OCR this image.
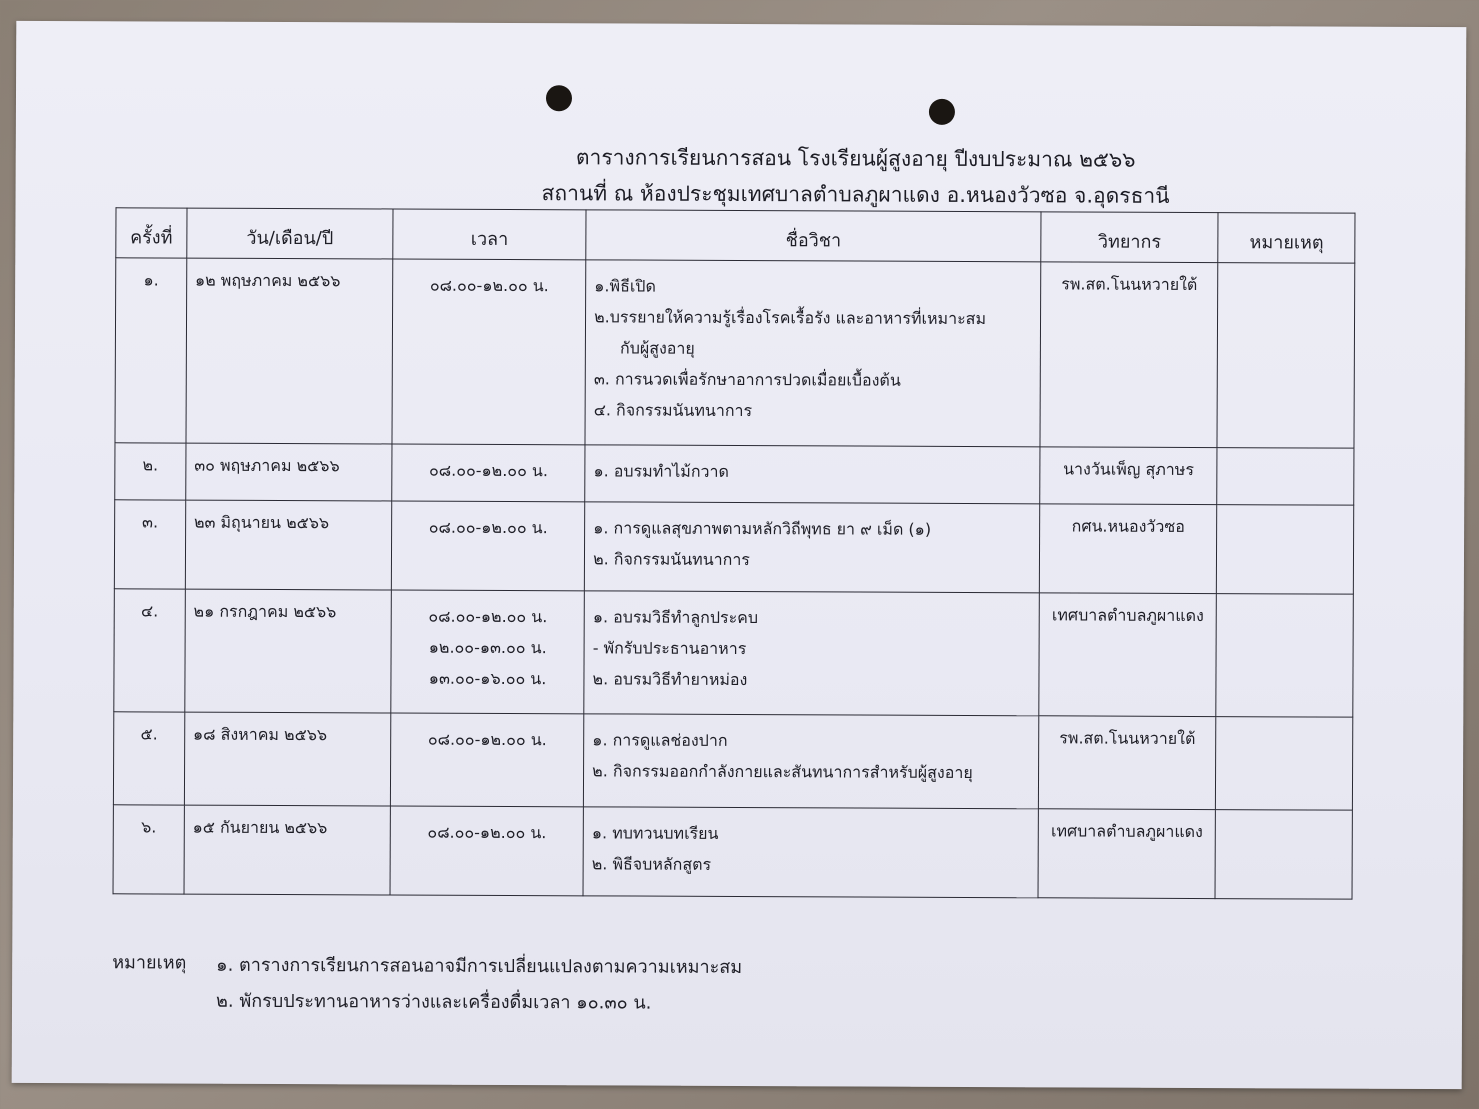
ตารางการเรียนการสอน โรงเรียนผู้สูงอายุ ปีงบประมาณ ๒๕๖๖
สถานที่ ณ ห้องประชุมเทศบาลตำบลภูผาแดง อ.หนองวัวซอ จ.อุดรธานี
ครั้งที่	วัน/เดือน/ปี	เวลา	ชื่อวิชา	วิทยากร	หมายเหตุ
๑.	๑๒ พฤษภาคม ๒๕๖๖	๐๘.๐๐-๑๒.๐๐ น.	๑.พิธีเปิด
๒.บรรยายให้ความรู้เรื่องโรคเรื้อรัง และอาหารที่เหมาะสม
กับผู้สูงอายุ
๓. การนวดเพื่อรักษาอาการปวดเมื่อยเบื้องต้น
๔. กิจกรรมนันทนาการ	รพ.สต.โนนหวายใต้	
๒.	๓๐ พฤษภาคม ๒๕๖๖	๐๘.๐๐-๑๒.๐๐ น.	๑. อบรมทำไม้กวาด	นางวันเพ็ญ สุภาษร	
๓.	๒๓ มิถุนายน ๒๕๖๖	๐๘.๐๐-๑๒.๐๐ น.	๑. การดูแลสุขภาพตามหลักวิถีพุทธ ยา ๙ เม็ด (๑)
๒. กิจกรรมนันทนาการ	กศน.หนองวัวซอ	
๔.	๒๑ กรกฎาคม ๒๕๖๖	๐๘.๐๐-๑๒.๐๐ น.
๑๒.๐๐-๑๓.๐๐ น.
๑๓.๐๐-๑๖.๐๐ น.	๑. อบรมวิธีทำลูกประคบ
- พักรับประธานอาหาร
๒. อบรมวิธีทำยาหม่อง	เทศบาลตำบลภูผาแดง	
๕.	๑๘ สิงหาคม ๒๕๖๖	๐๘.๐๐-๑๒.๐๐ น.	๑. การดูแลช่องปาก
๒. กิจกรรมออกกำลังกายและสันทนาการสำหรับผู้สูงอายุ	รพ.สต.โนนหวายใต้	
๖.	๑๕ กันยายน ๒๕๖๖	๐๘.๐๐-๑๒.๐๐ น.	๑. ทบทวนบทเรียน
๒. พิธีจบหลักสูตร	เทศบาลตำบลภูผาแดง	
หมายเหตุ ๑. ตารางการเรียนการสอนอาจมีการเปลี่ยนแปลงตามความเหมาะสม
๒. พักรบประทานอาหารว่างและเครื่องดื่มเวลา ๑๐.๓๐ น.
